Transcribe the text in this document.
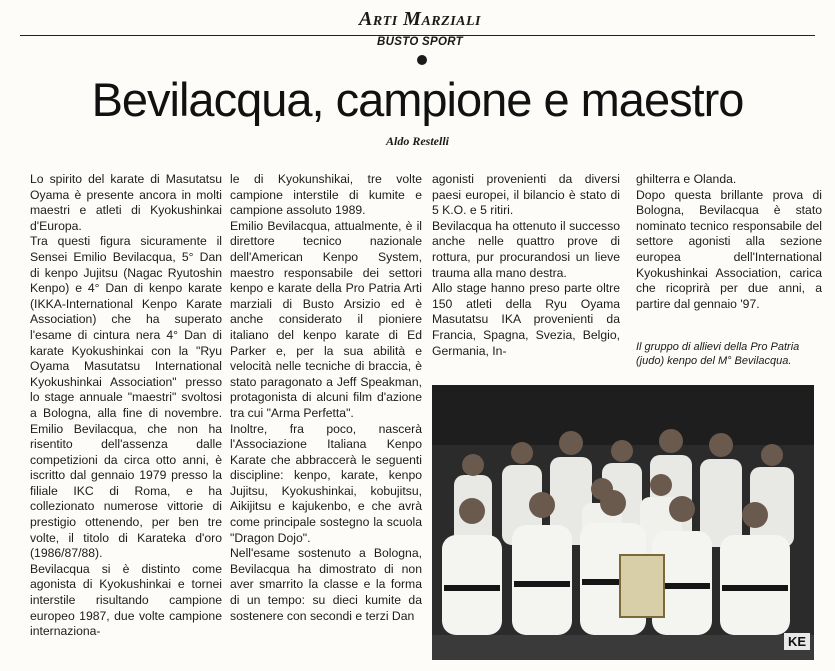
Arti Marziali
BUSTO SPORT
Bevilacqua, campione e maestro
Aldo Restelli

Lo spirito del karate di Masutatsu Oyama è presente ancora in molti maestri e atleti di Kyokushinkai d'Europa.

Tra questi figura sicuramente il Sensei Emilio Bevilacqua, 5° Dan di kenpo Jujitsu (Nagac Ryutoshin Kenpo) e 4° Dan di kenpo karate (IKKA-International Kenpo Karate Association) che ha superato l'esame di cintura nera 4° Dan di karate Kyokushinkai con la "Ryu Oyama Masutatsu International Kyokushinkai Association" presso lo stage annuale "maestri" svoltosi a Bologna, alla fine di novembre. Emilio Bevilacqua, che non ha risentito dell'assenza dalle competizioni da circa otto anni, è iscritto dal gennaio 1979 presso la filiale IKC di Roma, e ha collezionato numerose vittorie di prestigio ottenendo, per ben tre volte, il titolo di Karateka d'oro (1986/87/88).

Bevilacqua si è distinto come agonista di Kyokushinkai e tornei interstile risultando campione europeo 1987, due volte campione internaziona-

le di Kyokunshikai, tre volte campione interstile di kumite e campione assoluto 1989.

Emilio Bevilacqua, attualmente, è il direttore tecnico nazionale dell'American Kenpo System, maestro responsabile dei settori kenpo e karate della Pro Patria Arti marziali di Busto Arsizio ed è anche considerato il pioniere italiano del kenpo karate di Ed Parker e, per la sua abilità e velocità nelle tecniche di braccia, è stato paragonato a Jeff Speakman, protagonista di alcuni film d'azione tra cui "Arma Perfetta".

Inoltre, fra poco, nascerà l'Associazione Italiana Kenpo Karate che abbraccerà le seguenti discipline: kenpo, karate, kenpo Jujitsu, Kyokushinkai, kobujitsu, Aikijitsu e kajukenbo, e che avrà come principale sostegno la scuola "Dragon Dojo".

Nell'esame sostenuto a Bologna, Bevilacqua ha dimostrato di non aver smarrito la classe e la forma di un tempo: su dieci kumite da sostenere con secondi e terzi Dan

agonisti provenienti da diversi paesi europei, il bilancio è stato di 5 K.O. e 5 ritiri.

Bevilacqua ha ottenuto il successo anche nelle quattro prove di rottura, pur procurandosi un lieve trauma alla mano destra.

Allo stage hanno preso parte oltre 150 atleti della Ryu Oyama Masutatsu IKA provenienti da Francia, Spagna, Svezia, Belgio, Germania, In-

ghilterra e Olanda.

Dopo questa brillante prova di Bologna, Bevilacqua è stato nominato tecnico responsabile del settore agonisti alla sezione europea dell'International Kyokushinkai Association, carica che ricoprirà per due anni, a partire dal gennaio '97.

Il gruppo di allievi della Pro Patria (judo) kenpo del M° Bevilacqua.
KE
